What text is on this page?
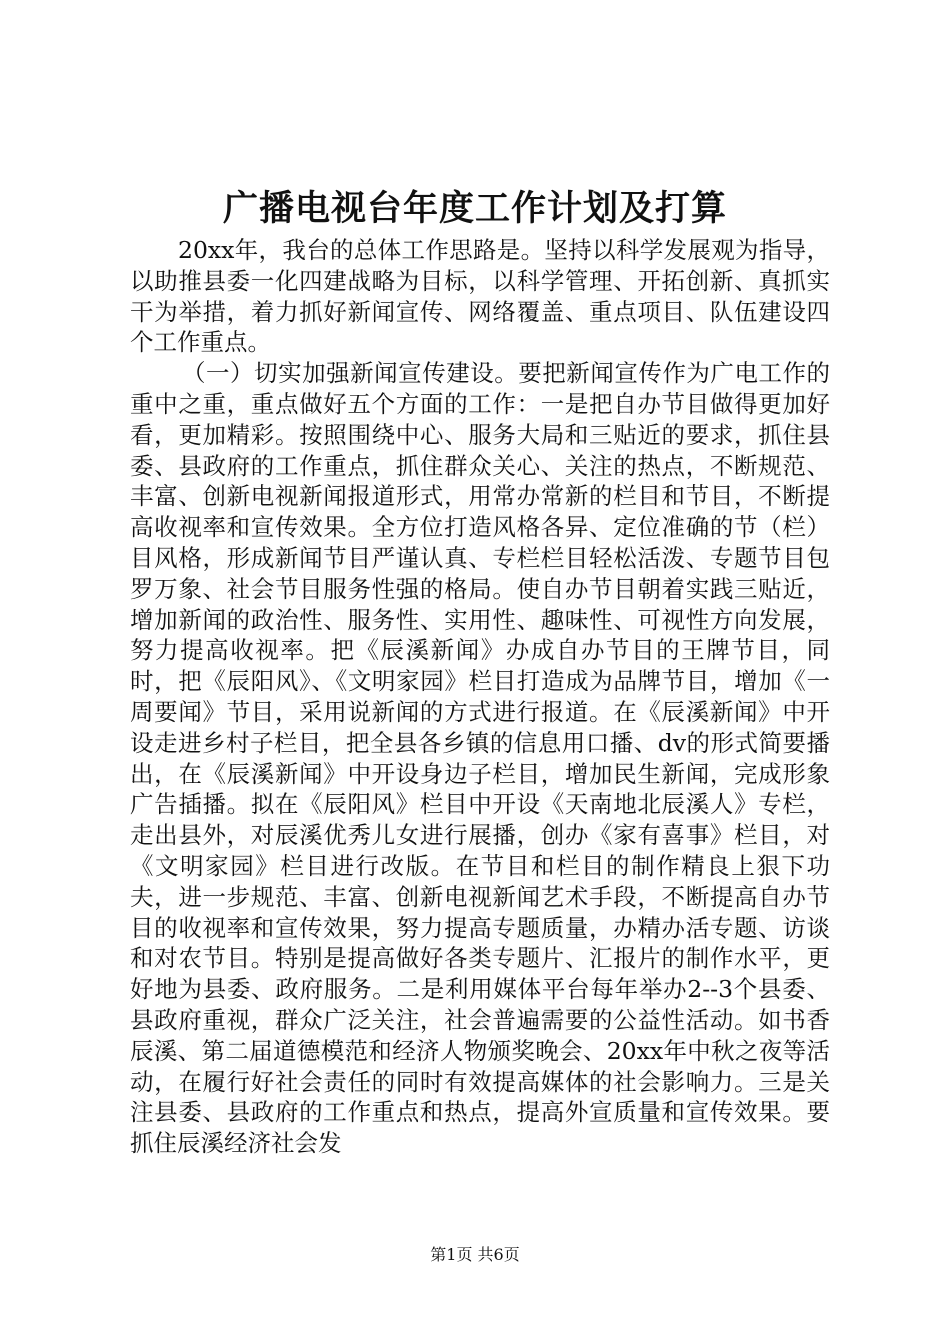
广播电视台年度工作计划及打算

20xx年，我台的总体工作思路是。坚持以科学发展观为指导，以助推县委一化四建战略为目标，以科学管理、开拓创新、真抓实干为举措，着力抓好新闻宣传、网络覆盖、重点项目、队伍建设四个工作重点。

（一）切实加强新闻宣传建设。要把新闻宣传作为广电工作的重中之重，重点做好五个方面的工作：一是把自办节目做得更加好看，更加精彩。按照围绕中心、服务大局和三贴近的要求，抓住县委、县政府的工作重点，抓住群众关心、关注的热点，不断规范、丰富、创新电视新闻报道形式，用常办常新的栏目和节目，不断提高收视率和宣传效果。全方位打造风格各异、定位准确的节（栏）目风格，形成新闻节目严谨认真、专栏栏目轻松活泼、专题节目包罗万象、社会节目服务性强的格局。使自办节目朝着实践三贴近，增加新闻的政治性、服务性、实用性、趣味性、可视性方向发展，努力提高收视率。把《辰溪新闻》办成自办节目的王牌节目，同时，把《辰阳风》、《文明家园》栏目打造成为品牌节目，增加《一周要闻》节目，采用说新闻的方式进行报道。在《辰溪新闻》中开设走进乡村子栏目，把全县各乡镇的信息用口播、dv的形式简要播出，在《辰溪新闻》中开设身边子栏目，增加民生新闻，完成形象广告插播。拟在《辰阳风》栏目中开设《天南地北辰溪人》专栏，走出县外，对辰溪优秀儿女进行展播，创办《家有喜事》栏目，对《文明家园》栏目进行改版。在节目和栏目的制作精良上狠下功夫，进一步规范、丰富、创新电视新闻艺术手段，不断提高自办节目的收视率和宣传效果，努力提高专题质量，办精办活专题、访谈和对农节目。特别是提高做好各类专题片、汇报片的制作水平，更好地为县委、政府服务。二是利用媒体平台每年举办2--3个县委、县政府重视，群众广泛关注，社会普遍需要的公益性活动。如书香辰溪、第二届道德模范和经济人物颁奖晚会、20xx年中秋之夜等活动，在履行好社会责任的同时有效提高媒体的社会影响力。三是关注县委、县政府的工作重点和热点，提高外宣质量和宣传效果。要抓住辰溪经济社会发

第1页 共6页
